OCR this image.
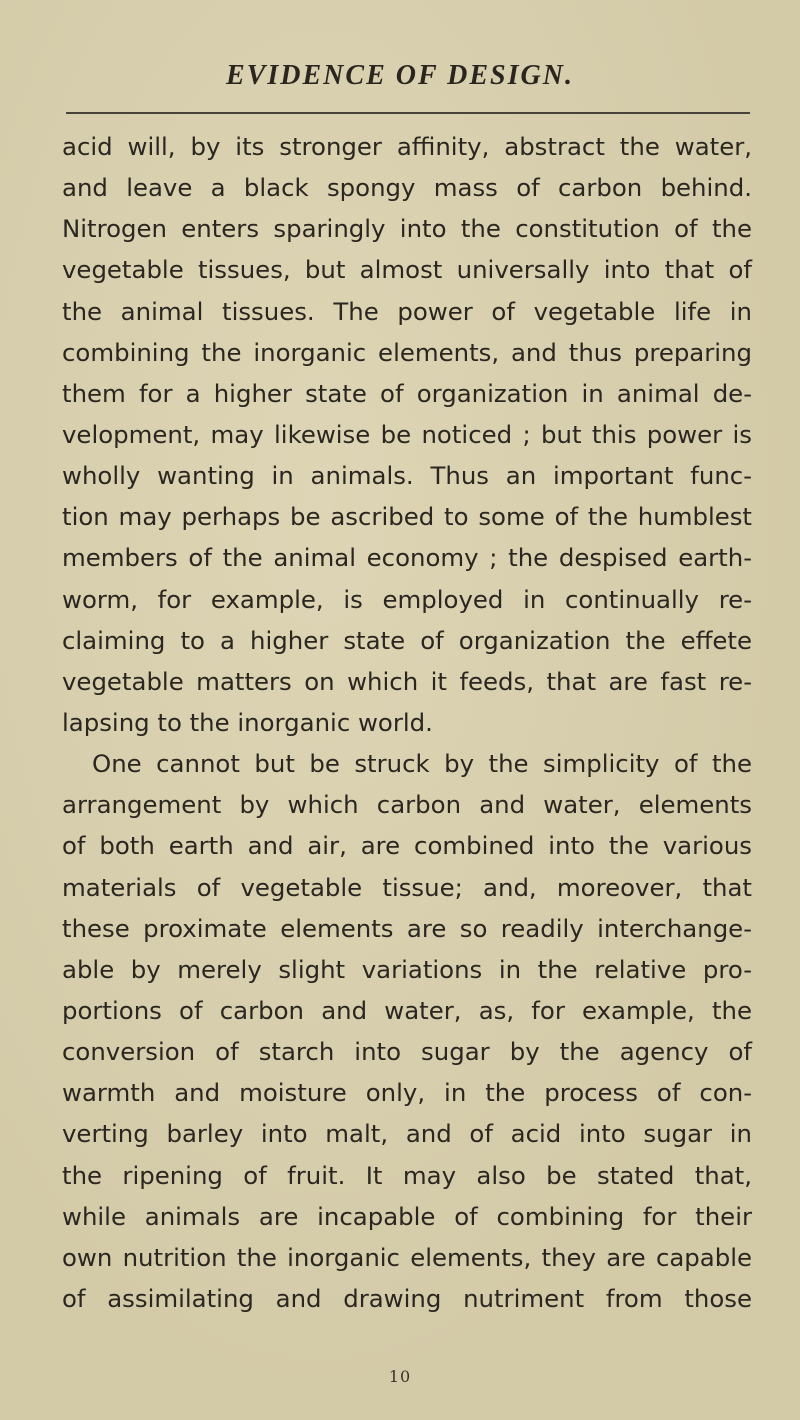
EVIDENCE OF DESIGN.
acid will, by its stronger affinity, abstract the water,
and leave a black spongy mass of carbon behind.
Nitrogen enters sparingly into the constitution of the
vegetable tissues, but almost universally into that of
the animal tissues. The power of vegetable life in
combining the inorganic elements, and thus preparing
them for a higher state of organization in animal de-
velopment, may likewise be noticed ; but this power is
wholly wanting in animals. Thus an important func-
tion may perhaps be ascribed to some of the humblest
members of the animal economy ; the despised earth-
worm, for example, is employed in continually re-
claiming to a higher state of organization the effete
vegetable matters on which it feeds, that are fast re-
lapsing to the inorganic world.
One cannot but be struck by the simplicity of the
arrangement by which carbon and water, elements
of both earth and air, are combined into the various
materials of vegetable tissue; and, moreover, that
these proximate elements are so readily interchange-
able by merely slight variations in the relative pro-
portions of carbon and water, as, for example, the
conversion of starch into sugar by the agency of
warmth and moisture only, in the process of con-
verting barley into malt, and of acid into sugar in
the ripening of fruit. It may also be stated that,
while animals are incapable of combining for their
own nutrition the inorganic elements, they are capable
of assimilating and drawing nutriment from those
10
